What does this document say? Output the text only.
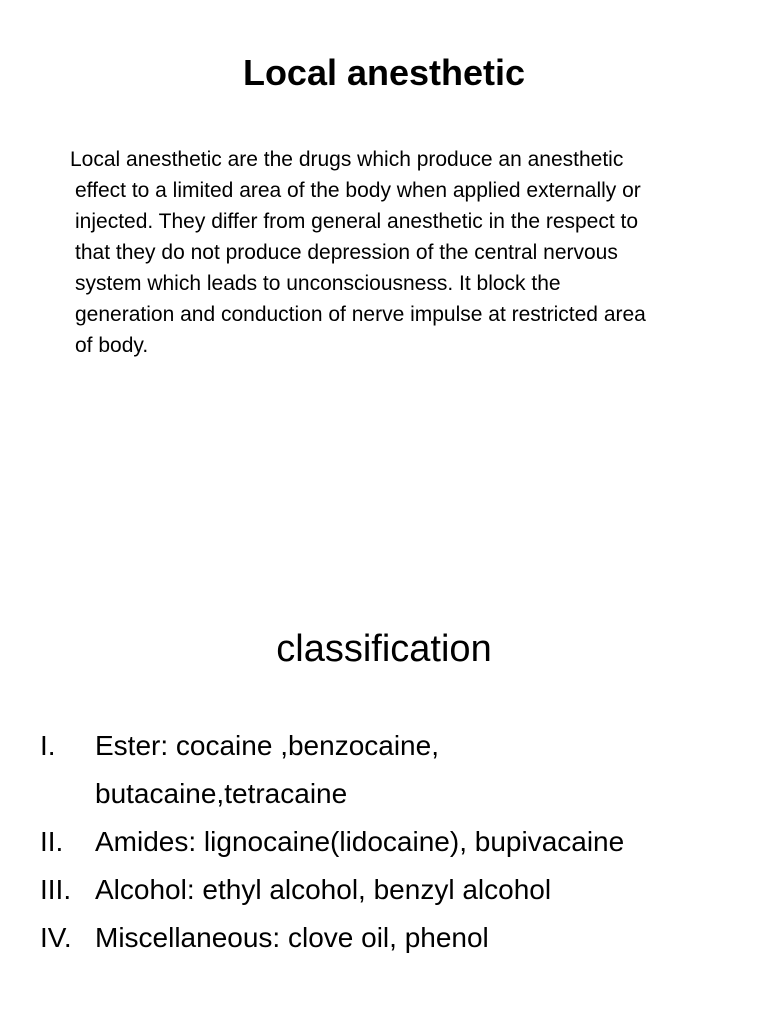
Local anesthetic
Local anesthetic are the drugs which produce an anesthetic
effect to a limited area of the body when applied externally or
injected. They differ from general anesthetic in the respect to
that they do not produce depression of the central nervous
system which leads to unconsciousness. It block the
generation and conduction of nerve impulse at restricted area
of body.
classification
I.	Ester: cocaine ,benzocaine, butacaine,tetracaine
II.	Amides: lignocaine(lidocaine), bupivacaine
III. Alcohol: ethyl alcohol, benzyl alcohol
IV. Miscellaneous: clove oil, phenol
